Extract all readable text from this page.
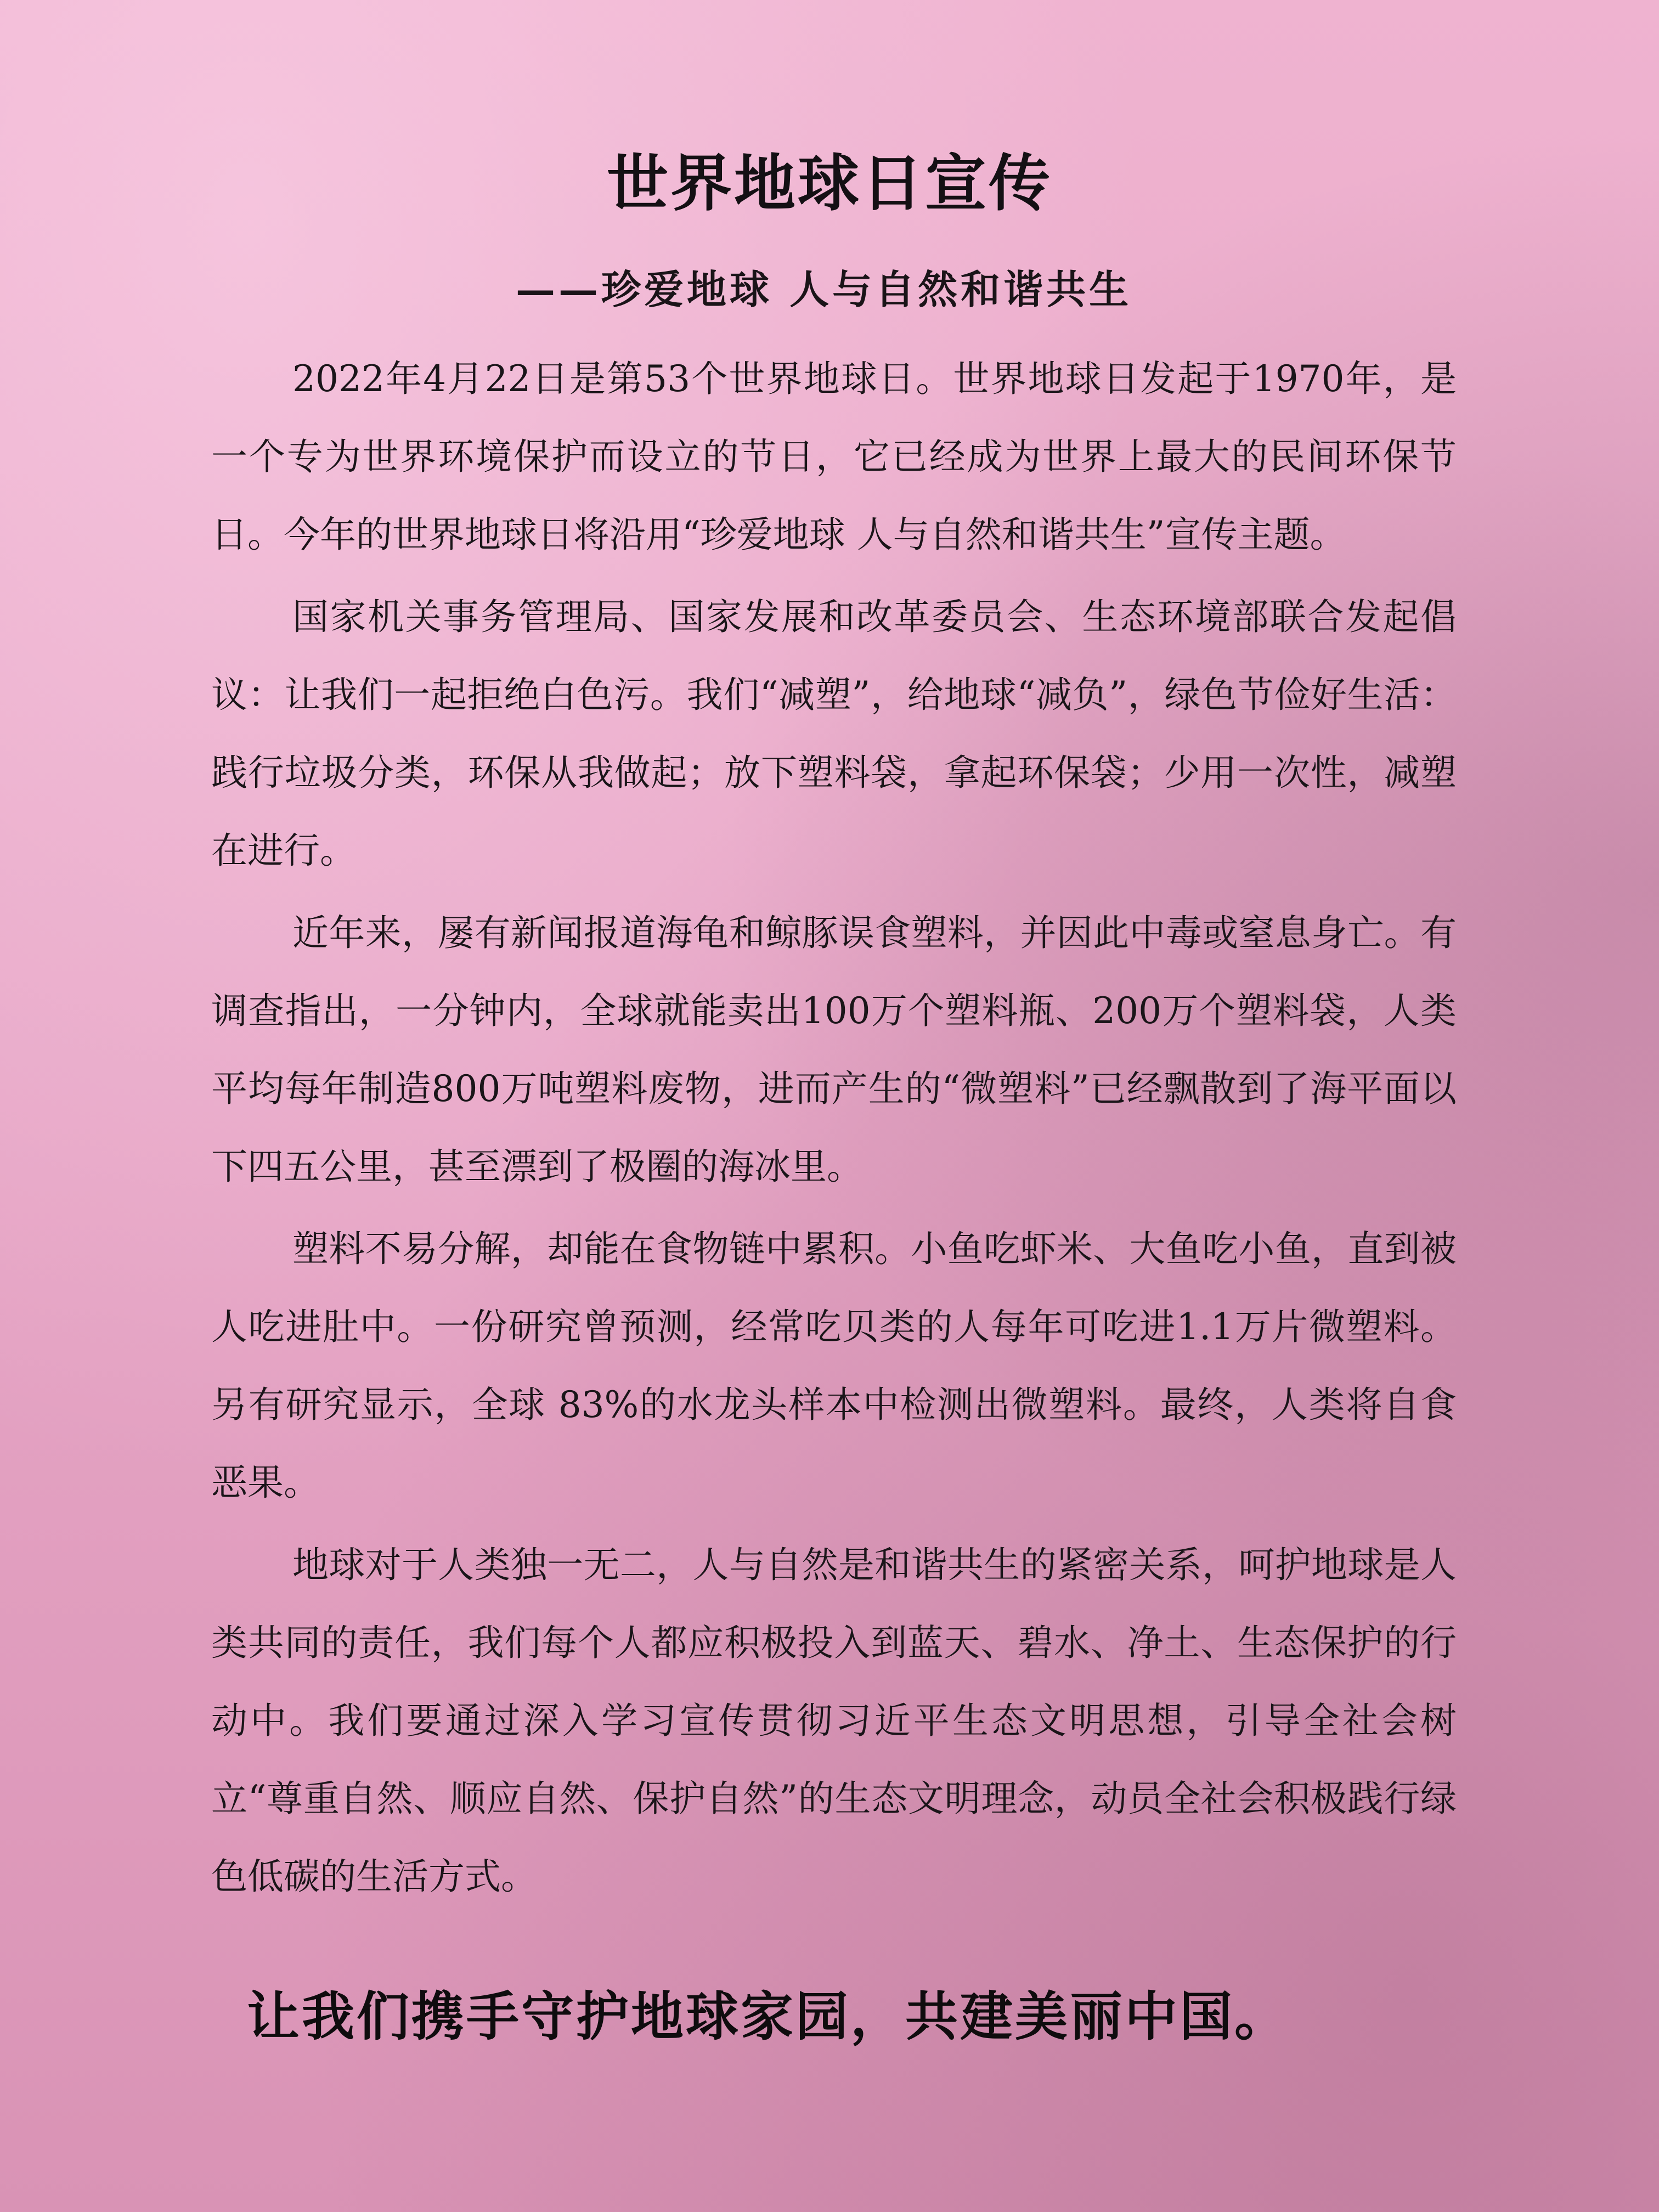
世界地球日宣传
——珍爱地球 人与自然和谐共生

2022年4月22日是第53个世界地球日。世界地球日发起于1970年，是一个专为世界环境保护而设立的节日，它已经成为世界上最大的民间环保节日。今年的世界地球日将沿用“珍爱地球 人与自然和谐共生”宣传主题。

国家机关事务管理局、国家发展和改革委员会、生态环境部联合发起倡议：让我们一起拒绝白色污。我们“减塑”，给地球“减负”，绿色节俭好生活：践行垃圾分类，环保从我做起；放下塑料袋，拿起环保袋；少用一次性，减塑在进行。

近年来，屡有新闻报道海龟和鲸豚误食塑料，并因此中毒或窒息身亡。有调查指出，一分钟内，全球就能卖出100万个塑料瓶、200万个塑料袋，人类平均每年制造800万吨塑料废物，进而产生的“微塑料”已经飘散到了海平面以下四五公里，甚至漂到了极圈的海冰里。

塑料不易分解，却能在食物链中累积。小鱼吃虾米、大鱼吃小鱼，直到被人吃进肚中。一份研究曾预测，经常吃贝类的人每年可吃进1.1万片微塑料。另有研究显示，全球 83%的水龙头样本中检测出微塑料。最终，人类将自食恶果。

地球对于人类独一无二，人与自然是和谐共生的紧密关系，呵护地球是人类共同的责任，我们每个人都应积极投入到蓝天、碧水、净土、生态保护的行动中。我们要通过深入学习宣传贯彻习近平生态文明思想，引导全社会树立“尊重自然、顺应自然、保护自然”的生态文明理念，动员全社会积极践行绿色低碳的生活方式。

让我们携手守护地球家园，共建美丽中国。
